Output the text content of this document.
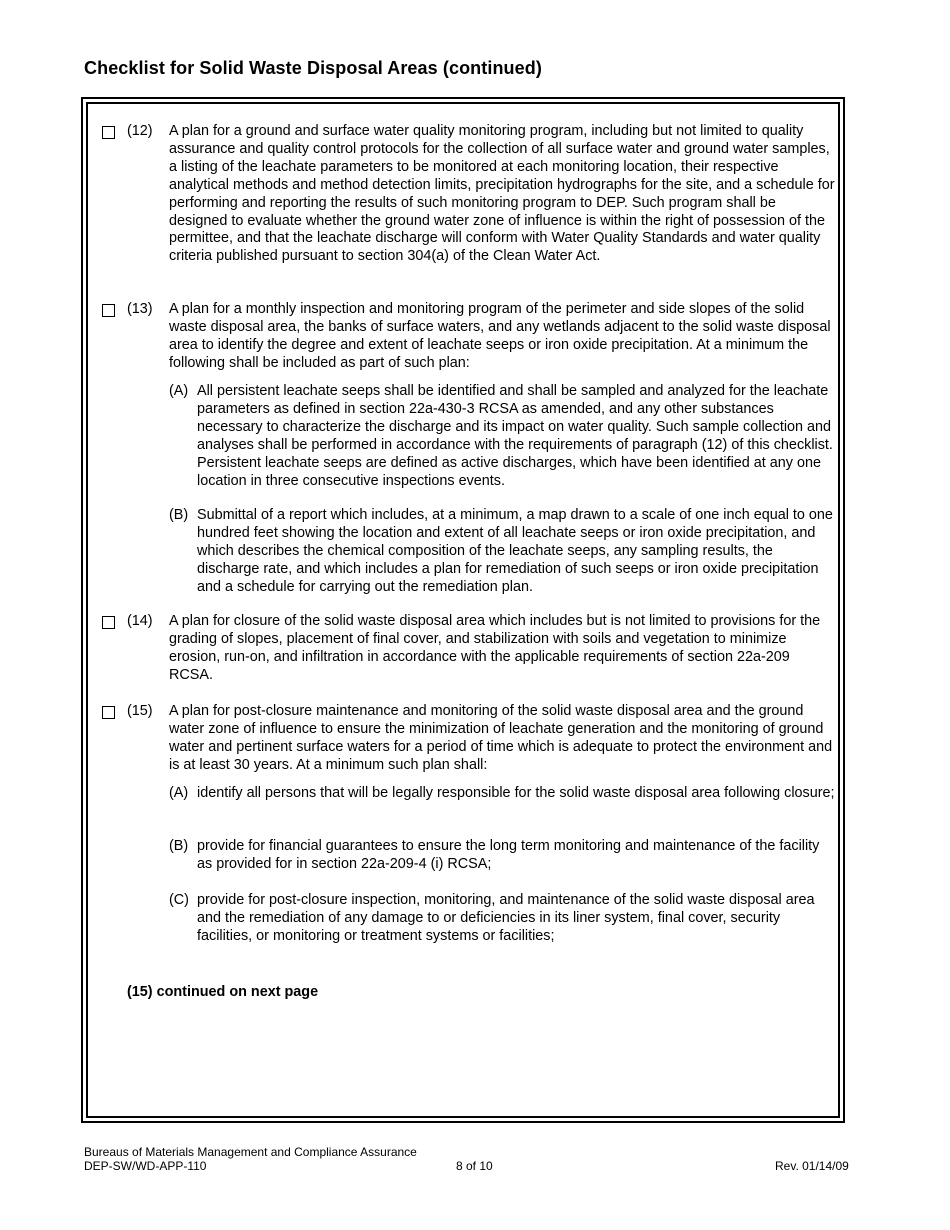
Checklist for Solid Waste Disposal Areas (continued)
(12) A plan for a ground and surface water quality monitoring program, including but not limited to quality assurance and quality control protocols for the collection of all surface water and ground water samples, a listing of the leachate parameters to be monitored at each monitoring location, their respective analytical methods and method detection limits, precipitation hydrographs for the site, and a schedule for performing and reporting the results of such monitoring program to DEP. Such program shall be designed to evaluate whether the ground water zone of influence is within the right of possession of the permittee, and that the leachate discharge will conform with Water Quality Standards and water quality criteria published pursuant to section 304(a) of the Clean Water Act.
(13) A plan for a monthly inspection and monitoring program of the perimeter and side slopes of the solid waste disposal area, the banks of surface waters, and any wetlands adjacent to the solid waste disposal area to identify the degree and extent of leachate seeps or iron oxide precipitation. At a minimum the following shall be included as part of such plan:
(A) All persistent leachate seeps shall be identified and shall be sampled and analyzed for the leachate parameters as defined in section 22a-430-3 RCSA as amended, and any other substances necessary to characterize the discharge and its impact on water quality. Such sample collection and analyses shall be performed in accordance with the requirements of paragraph (12) of this checklist. Persistent leachate seeps are defined as active discharges, which have been identified at any one location in three consecutive inspections events.
(B) Submittal of a report which includes, at a minimum, a map drawn to a scale of one inch equal to one hundred feet showing the location and extent of all leachate seeps or iron oxide precipitation, and which describes the chemical composition of the leachate seeps, any sampling results, the discharge rate, and which includes a plan for remediation of such seeps or iron oxide precipitation and a schedule for carrying out the remediation plan.
(14) A plan for closure of the solid waste disposal area which includes but is not limited to provisions for the grading of slopes, placement of final cover, and stabilization with soils and vegetation to minimize erosion, run-on, and infiltration in accordance with the applicable requirements of section 22a-209 RCSA.
(15) A plan for post-closure maintenance and monitoring of the solid waste disposal area and the ground water zone of influence to ensure the minimization of leachate generation and the monitoring of ground water and pertinent surface waters for a period of time which is adequate to protect the environment and is at least 30 years. At a minimum such plan shall:
(A) identify all persons that will be legally responsible for the solid waste disposal area following closure;
(B) provide for financial guarantees to ensure the long term monitoring and maintenance of the facility as provided for in section 22a-209-4 (i) RCSA;
(C) provide for post-closure inspection, monitoring, and maintenance of the solid waste disposal area and the remediation of any damage to or deficiencies in its liner system, final cover, security facilities, or monitoring or treatment systems or facilities;
(15) continued on next page
Bureaus of Materials Management and Compliance Assurance
DEP-SW/WD-APP-110	8 of 10	Rev. 01/14/09
